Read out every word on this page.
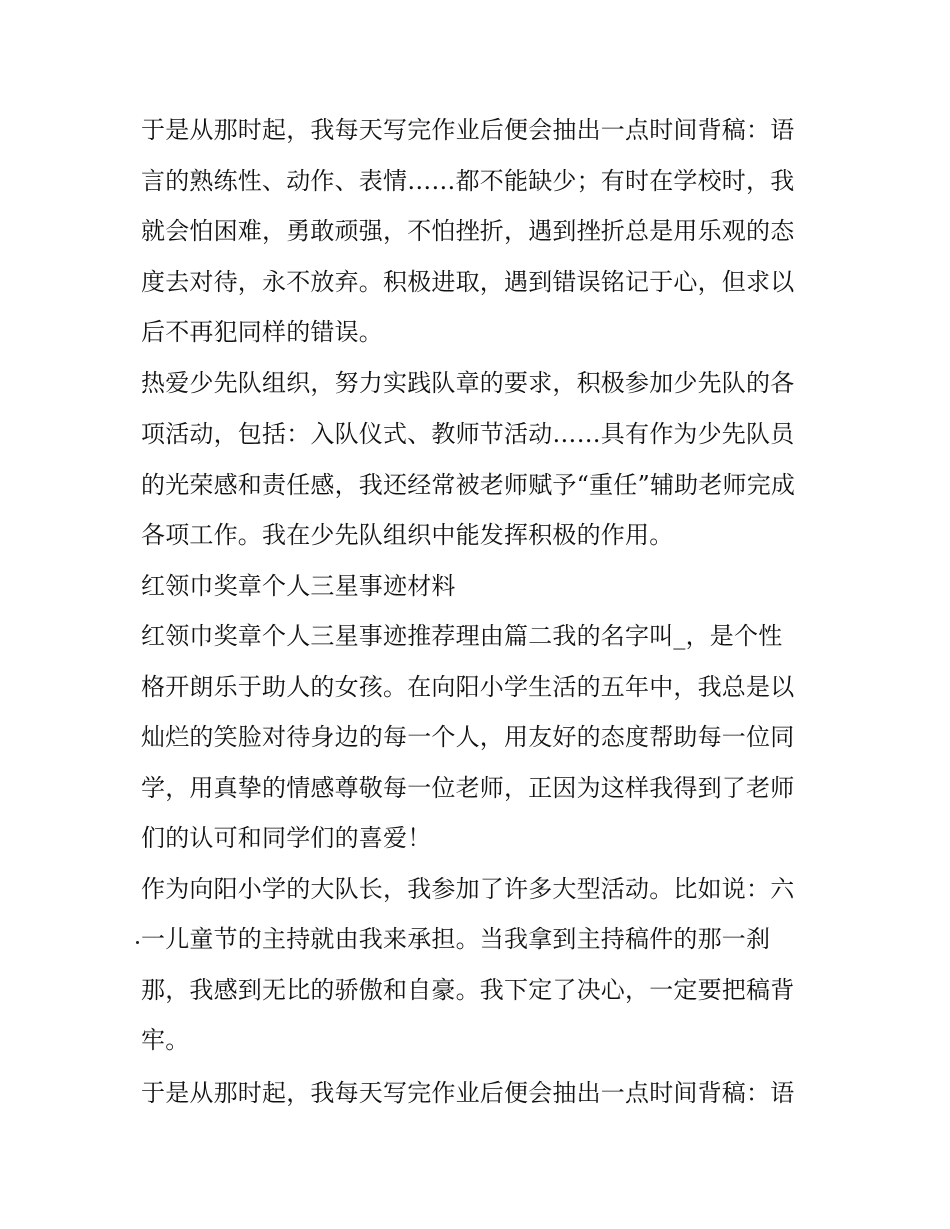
于是从那时起，我每天写完作业后便会抽出一点时间背稿：语
言的熟练性、动作、表情……都不能缺少；有时在学校时，我
就会怕困难，勇敢顽强，不怕挫折，遇到挫折总是用乐观的态
度去对待，永不放弃。积极进取，遇到错误铭记于心，但求以
后不再犯同样的错误。
热爱少先队组织，努力实践队章的要求，积极参加少先队的各
项活动，包括：入队仪式、教师节活动……具有作为少先队员
的光荣感和责任感，我还经常被老师赋予“重任”辅助老师完成
各项工作。我在少先队组织中能发挥积极的作用。
红领巾奖章个人三星事迹材料
红领巾奖章个人三星事迹推荐理由篇二我的名字叫_，是个性
格开朗乐于助人的女孩。在向阳小学生活的五年中，我总是以
灿烂的笑脸对待身边的每一个人，用友好的态度帮助每一位同
学，用真挚的情感尊敬每一位老师，正因为这样我得到了老师
们的认可和同学们的喜爱！
作为向阳小学的大队长，我参加了许多大型活动。比如说：六
一儿童节的主持就由我来承担。当我拿到主持稿件的那一刹
那，我感到无比的骄傲和自豪。我下定了决心，一定要把稿背
牢。
于是从那时起，我每天写完作业后便会抽出一点时间背稿：语
